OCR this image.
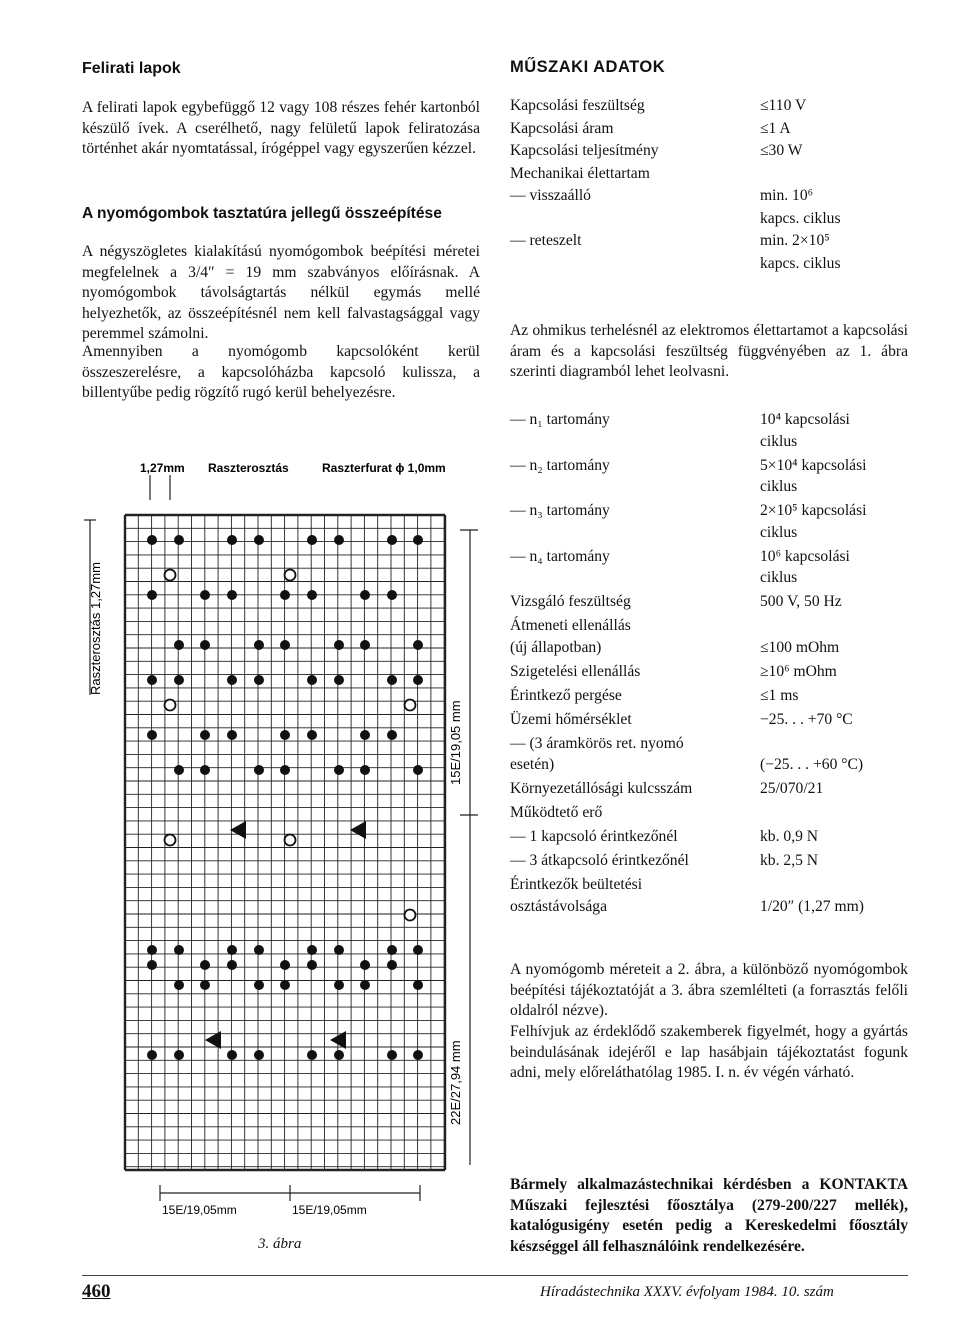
Feliratі lapok

A felirati lapok egybefüggő 12 vagy 108 részes fehér kartonból készülő ívek. A cserélhető, nagy felületű lapok feliratozása történhet akár nyomtatással, írógéppel vagy egyszerűen kézzel.

A nyomógombok tasztatúra jellegű összeépítése

A négyszögletes kialakítású nyomógombok beépítési méretei megfelelnek a 3/4″ = 19 mm szabványos előírásnak. A nyomógombok távolságtartás nélkül egymás mellé helyezhetők, az összeépítésnél nem kell falvastagsággal vagy peremmel számolni.

Amennyiben a nyomógomb kapcsolóként kerül összeszerelésre, a kapcsolóházba kapcsoló kulissza, a billentyűbe pedig rögzítő rugó kerül behelyezésre.

1,27mm Raszterosztás	Raszterfurat ϕ 1,0mm
Raszterosztás 1,27mm
15E/19,05 mm
22E/27,94 mm
15E/19,05mm	15E/19,05mm
3. ábra
MŰSZAKI ADATOK
Kapcsolási feszültség	≤110 V
Kapcsolási áram	≤1 A
Kapcsolási teljesítmény	≤30 W
Mechanikai élettartam
— visszaálló	min. 10⁶
kapcs. ciklus
— reteszelt	min. 2×10⁵
kapcs. ciklus

Az ohmikus terhelésnél az elektromos élettartamot a kapcsolási áram és a kapcsolási feszültség függvényében az 1. ábra szerinti diagramból lehet leolvasni.

— n₁ tartomány	10⁴ kapcsolási
ciklus
— n₂ tartomány	5×10⁴ kapcsolási
ciklus
— n₃ tartomány	2×10⁵ kapcsolási
ciklus
— n₄ tartomány	10⁶ kapcsolási
ciklus
Vizsgáló feszültség	500 V, 50 Hz
Átmeneti ellenállás
(új állapotban)	≤100 mOhm
Szigetelési ellenállás	≥10⁶ mOhm
Érintkező pergése	≤1 ms
Üzemi hőmérséklet	−25. . . +70 °C
— (3 áramkörös ret. nyomó
esetén)	(−25. . . +60 °C)
Környezetállósági kulcsszám	25/070/21
Működtető erő
— 1 kapcsoló érintkezőnél	kb. 0,9 N
— 3 átkapcsoló érintkezőnél	kb. 2,5 N
Érintkezők beültetési
osztástávolsága	1/20″ (1,27 mm)

A nyomógomb méreteit a 2. ábra, a különböző nyomógombok beépítési tájékoztatóját a 3. ábra szemlélteti (a forrasztás felőli oldalról nézve).

Felhívjuk az érdeklődő szakemberek figyelmét, hogy a gyártás beindulásának idejéről e lap hasábjain tájékoztatást fogunk adni, mely előreláthatólag 1985. I. n. év végén várható.

Bármely alkalmazástechnikai kérdésben a KONTAKTA Műszaki fejlesztési főosztálya (279-200/227 mellék), katalógusigény esetén pedig a Kereskedelmi főosztály készséggel áll felhasználóink rendelkezésére.

460	Híradástechnika XXXV. évfolyam 1984. 10. szám
